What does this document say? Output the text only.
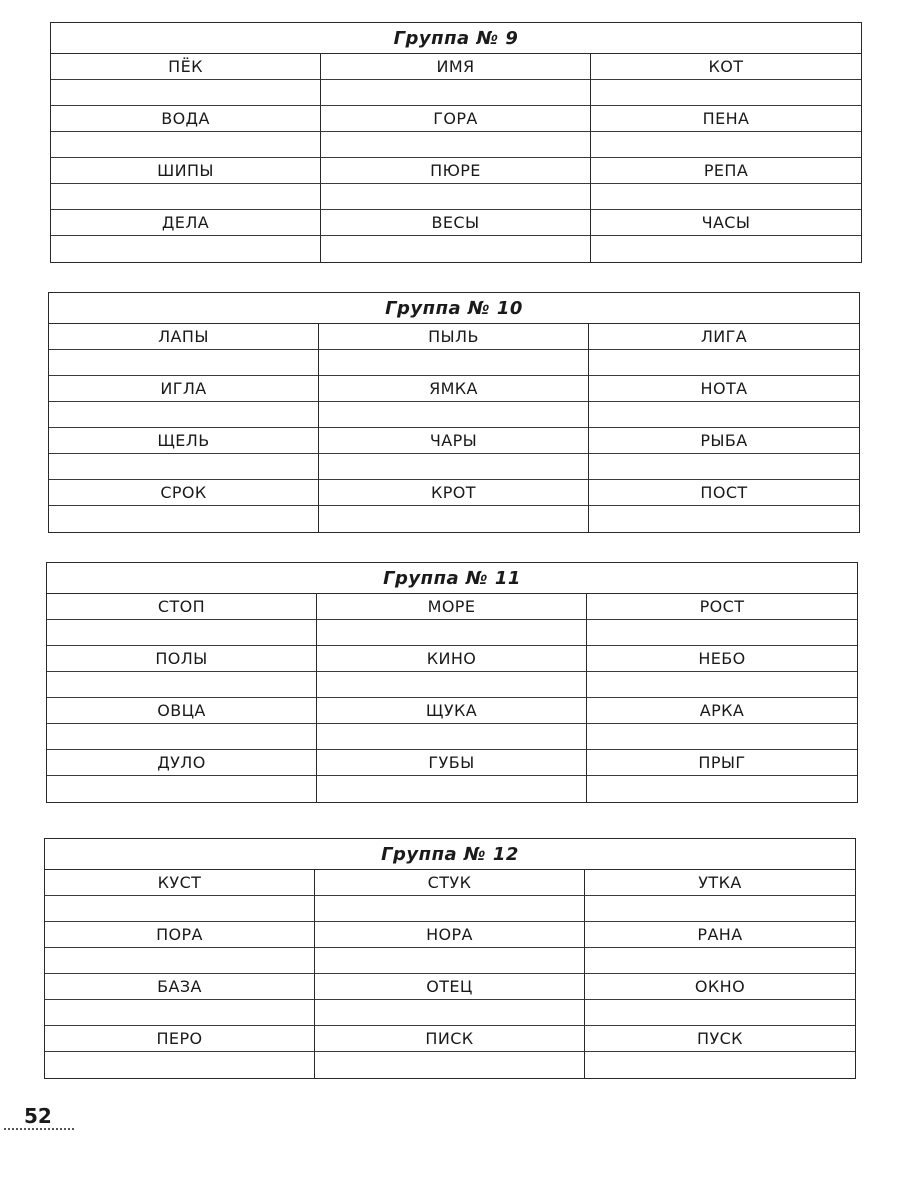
Группа № 9
ПЁК	ИМЯ	КОТ
ВОДА	ГОРА	ПЕНА
ШИПЫ	ПЮРЕ	РЕПА
ДЕЛА	ВЕСЫ	ЧАСЫ
Группа № 10
ЛАПЫ	ПЫЛЬ	ЛИГА
ИГЛА	ЯМКА	НОТА
ЩЕЛЬ	ЧАРЫ	РЫБА
СРОК	КРОТ	ПОСТ
Группа № 11
СТОП	МОРЕ	РОСТ
ПОЛЫ	КИНО	НЕБО
ОВЦА	ЩУКА	АРКА
ДУЛО	ГУБЫ	ПРЫГ
Группа № 12
КУСТ	СТУК	УТКА
ПОРА	НОРА	РАНА
БАЗА	ОТЕЦ	ОКНО
ПЕРО	ПИСК	ПУСК
52
